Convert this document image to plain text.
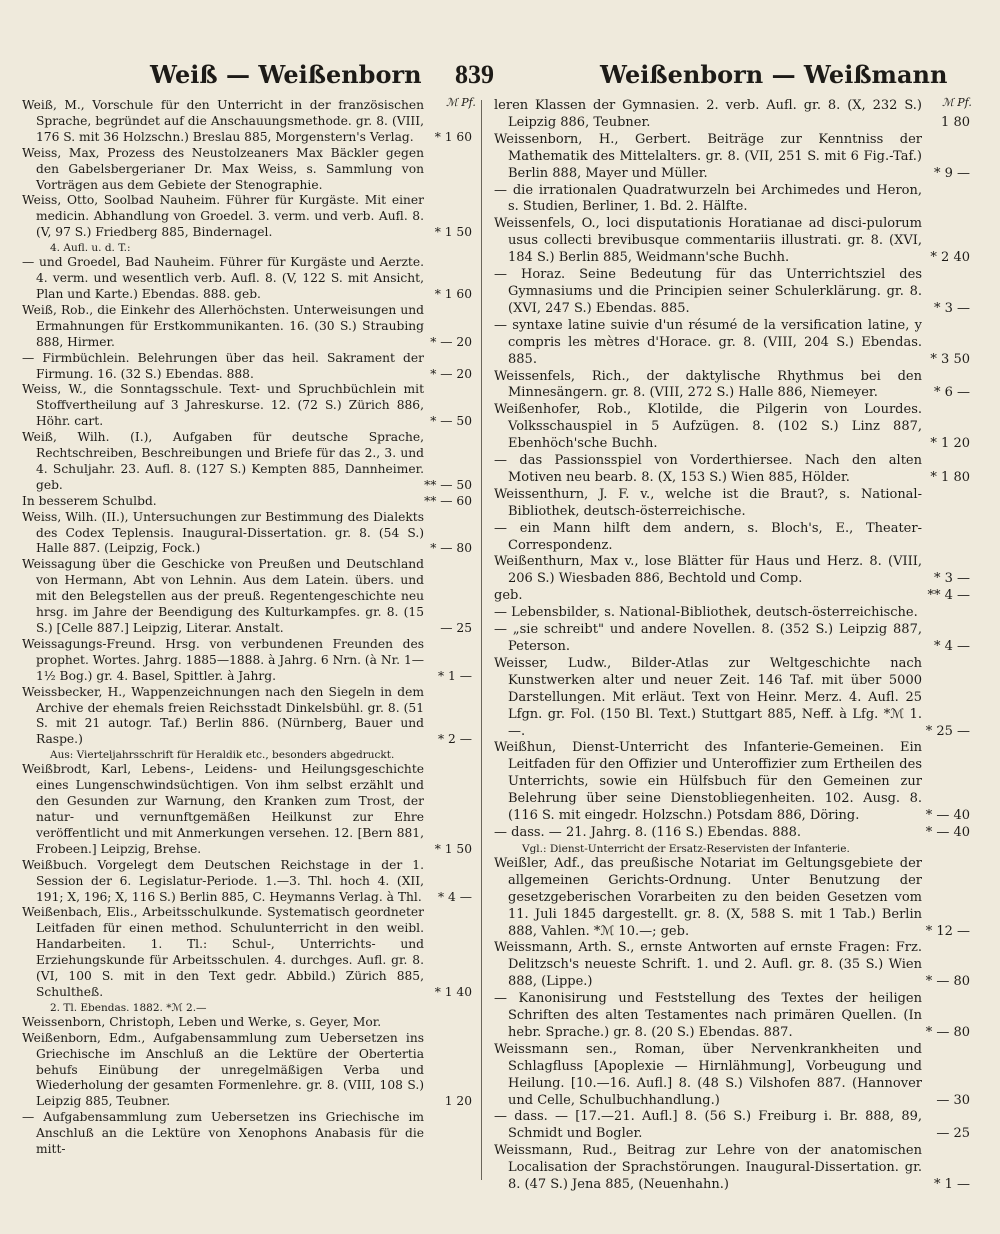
Weiß — Weißenborn 839	Weißenborn — Weißmann
ℳ Pf.	ℳ Pf.
Weiß, M., Vorschule für den Unterricht in der französischen Sprache, begründet auf die Anschauungsmethode. gr. 8. (VIII, 176 S. mit 36 Holzschn.) Breslau 885, Morgenstern's Verlag. * 1 60
Weiss, Max, Prozess des Neustolzeaners Max Bäckler gegen den Gabelsbergerianer Dr. Max Weiss, s. Sammlung von Vorträgen aus dem Gebiete der Stenographie.
Weiss, Otto, Soolbad Nauheim. Führer für Kurgäste. Mit einer medicin. Abhandlung von Groedel. 3. verm. und verb. Aufl. 8. (V, 97 S.) Friedberg 885, Bindernagel.	* 1 50
4. Aufl. u. d. T.:
— und Groedel, Bad Nauheim. Führer für Kurgäste und Aerzte. 4. verm. und wesentlich verb. Aufl. 8. (V, 122 S. mit Ansicht, Plan und Karte.) Ebendas. 888. geb.	* 1 60
Weiß, Rob., die Einkehr des Allerhöchsten. Unterweisungen und Ermahnungen für Erstkommunikanten. 16. (30 S.) Straubing 888, Hirmer.	* — 20
— Firmbüchlein. Belehrungen über das heil. Sakrament der Firmung. 16. (32 S.) Ebendas. 888.	* — 20
Weiss, W., die Sonntagsschule. Text- und Spruchbüchlein mit Stoffvertheilung auf 3 Jahreskurse. 12. (72 S.) Zürich 886, Höhr. cart.	* — 50
Weiß, Wilh. (I.), Aufgaben für deutsche Sprache, Rechtschreiben, Beschreibungen und Briefe für das 2., 3. und 4. Schuljahr. 23. Aufl. 8. (127 S.) Kempten 885, Dannheimer. geb.	** — 50
In besserem Schulbd.	** — 60
Weiss, Wilh. (II.), Untersuchungen zur Bestimmung des Dialekts des Codex Teplensis. Inaugural-Dissertation. gr. 8. (54 S.) Halle 887. (Leipzig, Fock.)	* — 80
Weissagung über die Geschicke von Preußen und Deutschland von Hermann, Abt von Lehnin. Aus dem Latein. übers. und mit den Belegstellen aus der preuß. Regentengeschichte neu hrsg. im Jahre der Beendigung des Kulturkampfes. gr. 8. (15 S.) [Celle 887.] Leipzig, Literar. Anstalt.	— 25
Weissagungs-Freund. Hrsg. von verbundenen Freunden des prophet. Wortes. Jahrg. 1885—1888. à Jahrg. 6 Nrn. (à Nr. 1—1½ Bog.) gr. 4. Basel, Spittler. à Jahrg.	* 1 —
Weissbecker, H., Wappenzeichnungen nach den Siegeln in dem Archive der ehemals freien Reichsstadt Dinkelsbühl. gr. 8. (51 S. mit 21 autogr. Taf.) Berlin 886. (Nürnberg, Bauer und Raspe.)	* 2 —
Aus: Vierteljahrsschrift für Heraldik etc., besonders abgedruckt.
Weißbrodt, Karl, Lebens-, Leidens- und Heilungsgeschichte eines Lungenschwindsüchtigen. Von ihm selbst erzählt und den Gesunden zur Warnung, den Kranken zum Trost, der natur- und vernunftgemäßen Heilkunst zur Ehre veröffentlicht und mit Anmerkungen versehen. 12. [Bern 881, Frobeen.] Leipzig, Brehse.	* 1 50
Weißbuch. Vorgelegt dem Deutschen Reichstage in der 1. Session der 6. Legislatur-Periode. 1.—3. Thl. hoch 4. (XII, 191; X, 196; X, 116 S.) Berlin 885, C. Heymanns Verlag. à Thl. * 4 —
Weißenbach, Elis., Arbeitsschulkunde. Systematisch geordneter Leitfaden für einen method. Schulunterricht in den weibl. Handarbeiten. 1. Tl.: Schul-, Unterrichts- und Erziehungskunde für Arbeitsschulen. 4. durchges. Aufl. gr. 8. (VI, 100 S. mit in den Text gedr. Abbild.) Zürich 885, Schultheß.	* 1 40
2. Tl. Ebendas. 1882. *ℳ 2.—
Weissenborn, Christoph, Leben und Werke, s. Geyer, Mor.
Weißenborn, Edm., Aufgabensammlung zum Uebersetzen ins Griechische im Anschluß an die Lektüre der Obertertia behufs Einübung der unregelmäßigen Verba und Wiederholung der gesamten Formenlehre. gr. 8. (VIII, 108 S.) Leipzig 885, Teubner.	1 20
— Aufgabensammlung zum Uebersetzen ins Griechische im Anschluß an die Lektüre von Xenophons Anabasis für die mitt-
leren Klassen der Gymnasien. 2. verb. Aufl. gr. 8. (X, 232 S.) Leipzig 886, Teubner.	1 80
Weissenborn, H., Gerbert. Beiträge zur Kenntniss der Mathematik des Mittelalters. gr. 8. (VII, 251 S. mit 6 Fig.-Taf.) Berlin 888, Mayer und Müller.	* 9 —
— die irrationalen Quadratwurzeln bei Archimedes und Heron, s. Studien, Berliner, 1. Bd. 2. Hälfte.
Weissenfels, O., loci disputationis Horatianae ad disci-pulorum usus collecti brevibusque commentariis illustrati. gr. 8. (XVI, 184 S.) Berlin 885, Weidmann'sche Buchh.	* 2 40
— Horaz. Seine Bedeutung für das Unterrichtsziel des Gymnasiums und die Principien seiner Schulerklärung. gr. 8. (XVI, 247 S.) Ebendas. 885.	* 3 —
— syntaxe latine suivie d'un résumé de la versification latine, y compris les mètres d'Horace. gr. 8. (VIII, 204 S.) Ebendas. 885.	* 3 50
Weissenfels, Rich., der daktylische Rhythmus bei den Minnesängern. gr. 8. (VIII, 272 S.) Halle 886, Niemeyer.	* 6 —
Weißenhofer, Rob., Klotilde, die Pilgerin von Lourdes. Volksschauspiel in 5 Aufzügen. 8. (102 S.) Linz 887, Ebenhöch'sche Buchh.	* 1 20
— das Passionsspiel von Vorderthiersee. Nach den alten Motiven neu bearb. 8. (X, 153 S.) Wien 885, Hölder.	* 1 80
Weissenthurn, J. F. v., welche ist die Braut?, s. National-Bibliothek, deutsch-österreichische.
— ein Mann hilft dem andern, s. Bloch's, E., Theater-Correspondenz.
Weißenthurn, Max v., lose Blätter für Haus und Herz. 8. (VIII, 206 S.) Wiesbaden 886, Bechtold und Comp.	* 3 —
geb.	** 4 —
— Lebensbilder, s. National-Bibliothek, deutsch-österreichische.
— „sie schreibt" und andere Novellen. 8. (352 S.) Leipzig 887, Peterson.	* 4 —
Weisser, Ludw., Bilder-Atlas zur Weltgeschichte nach Kunstwerken alter und neuer Zeit. 146 Taf. mit über 5000 Darstellungen. Mit erläut. Text von Heinr. Merz. 4. Aufl. 25 Lfgn. gr. Fol. (150 Bl. Text.) Stuttgart 885, Neff. à Lfg. *ℳ 1.—.	* 25 —
Weißhun, Dienst-Unterricht des Infanterie-Gemeinen. Ein Leitfaden für den Offizier und Unteroffizier zum Ertheilen des Unterrichts, sowie ein Hülfsbuch für den Gemeinen zur Belehrung über seine Dienstobliegenheiten. 102. Ausg. 8. (116 S. mit eingedr. Holzschn.) Potsdam 886, Döring.	* — 40
— dass. — 21. Jahrg. 8. (116 S.) Ebendas. 888.	* — 40
Vgl.: Dienst-Unterricht der Ersatz-Reservisten der Infanterie.
Weißler, Adf., das preußische Notariat im Geltungsgebiete der allgemeinen Gerichts-Ordnung. Unter Benutzung der gesetzgeberischen Vorarbeiten zu den beiden Gesetzen vom 11. Juli 1845 dargestellt. gr. 8. (X, 588 S. mit 1 Tab.) Berlin 888, Vahlen. *ℳ 10.—; geb.	* 12 —
Weissmann, Arth. S., ernste Antworten auf ernste Fragen: Frz. Delitzsch's neueste Schrift. 1. und 2. Aufl. gr. 8. (35 S.) Wien 888, (Lippe.)	* — 80
— Kanonisirung und Feststellung des Textes der heiligen Schriften des alten Testamentes nach primären Quellen. (In hebr. Sprache.) gr. 8. (20 S.) Ebendas. 887.	* — 80
Weissmann sen., Roman, über Nervenkrankheiten und Schlagfluss [Apoplexie — Hirnlähmung], Vorbeugung und Heilung. [10.—16. Aufl.] 8. (48 S.) Vilshofen 887. (Hannover und Celle, Schulbuchhandlung.)	— 30
— dass. — [17.—21. Aufl.] 8. (56 S.) Freiburg i. Br. 888, 89, Schmidt und Bogler.	— 25
Weissmann, Rud., Beitrag zur Lehre von der anatomischen Localisation der Sprachstörungen. Inaugural-Dissertation. gr. 8. (47 S.) Jena 885, (Neuenhahn.)	* 1 —
